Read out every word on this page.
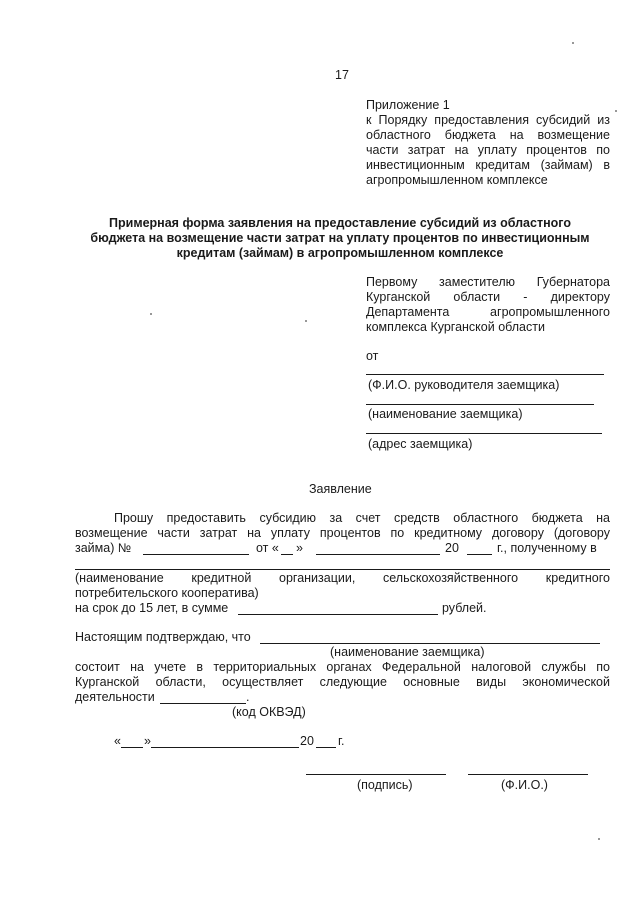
17
Приложение 1
к Порядку предоставления субсидий из
областного бюджета на возмещение
части затрат на уплату процентов по
инвестиционным кредитам (займам) в
агропромышленном комплексе
Примерная форма заявления на предоставление субсидий из областного
бюджета на возмещение части затрат на уплату процентов по инвестиционным
кредитам (займам) в агропромышленном комплексе
Первому заместителю Губернатора
Курганской области - директору
Департамента агропромышленного
комплекса Курганской области
от
(Ф.И.О. руководителя заемщика)
(наименование заемщика)
(адрес заемщика)
Заявление
Прошу предоставить субсидию за счет средств областного бюджета на
возмещение части затрат на уплату процентов по кредитному договору (договору
займа) №	от « »	20	г., полученному в
(наименование кредитной организации, сельскохозяйственного кредитного
потребительского кооператива)
на срок до 15 лет, в сумме	рублей.
Настоящим подтверждаю, что
(наименование заемщика)
состоит на учете в территориальных органах Федеральной налоговой службы по
Курганской области, осуществляет следующие основные виды экономической
деятельности	.
(код ОКВЭД)
« »	20 г.
(подпись)	(Ф.И.О.)
